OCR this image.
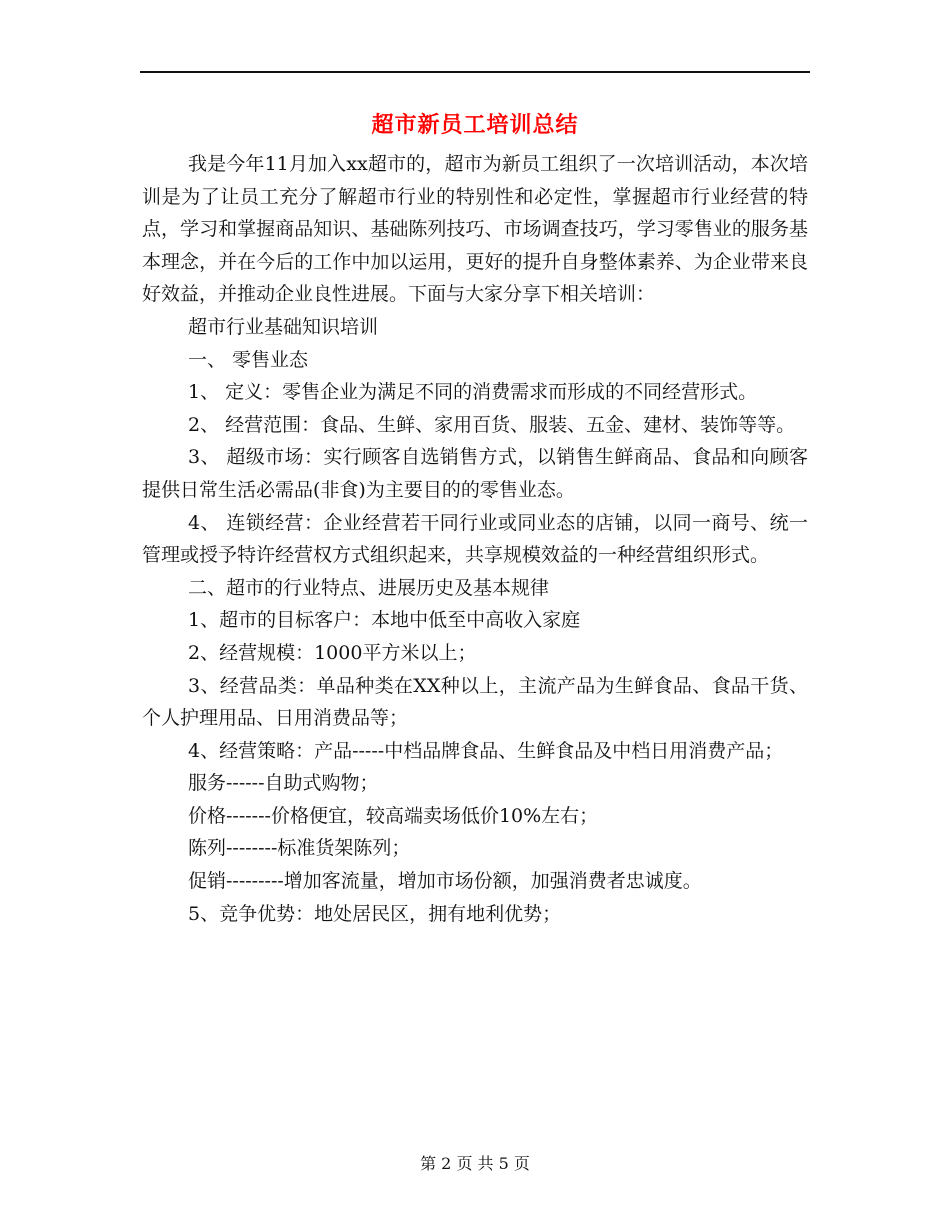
超市新员工培训总结

我是今年11月加入xx超市的，超市为新员工组织了一次培训活动，本次培训是为了让员工充分了解超市行业的特别性和必定性，掌握超市行业经营的特点，学习和掌握商品知识、基础陈列技巧、市场调查技巧，学习零售业的服务基本理念，并在今后的工作中加以运用，更好的提升自身整体素养、为企业带来良好效益，并推动企业良性进展。下面与大家分享下相关培训：

超市行业基础知识培训

一、 零售业态

1、 定义：零售企业为满足不同的消费需求而形成的不同经营形式。

2、 经营范围：食品、生鲜、家用百货、服装、五金、建材、装饰等等。

3、 超级市场：实行顾客自选销售方式，以销售生鲜商品、食品和向顾客提供日常生活必需品(非食)为主要目的的零售业态。

4、 连锁经营：企业经营若干同行业或同业态的店铺，以同一商号、统一管理或授予特许经营权方式组织起来，共享规模效益的一种经营组织形式。

二、超市的行业特点、进展历史及基本规律

1、超市的目标客户：本地中低至中高收入家庭

2、经营规模：1000平方米以上；

3、经营品类：单品种类在XX种以上，主流产品为生鲜食品、食品干货、个人护理用品、日用消费品等；

4、经营策略：产品-----中档品牌食品、生鲜食品及中档日用消费产品；

服务------自助式购物；

价格-------价格便宜，较高端卖场低价10%左右；

陈列--------标准货架陈列；

促销---------增加客流量，增加市场份额，加强消费者忠诚度。

5、竞争优势：地处居民区，拥有地利优势；

第 2 页 共 5 页
